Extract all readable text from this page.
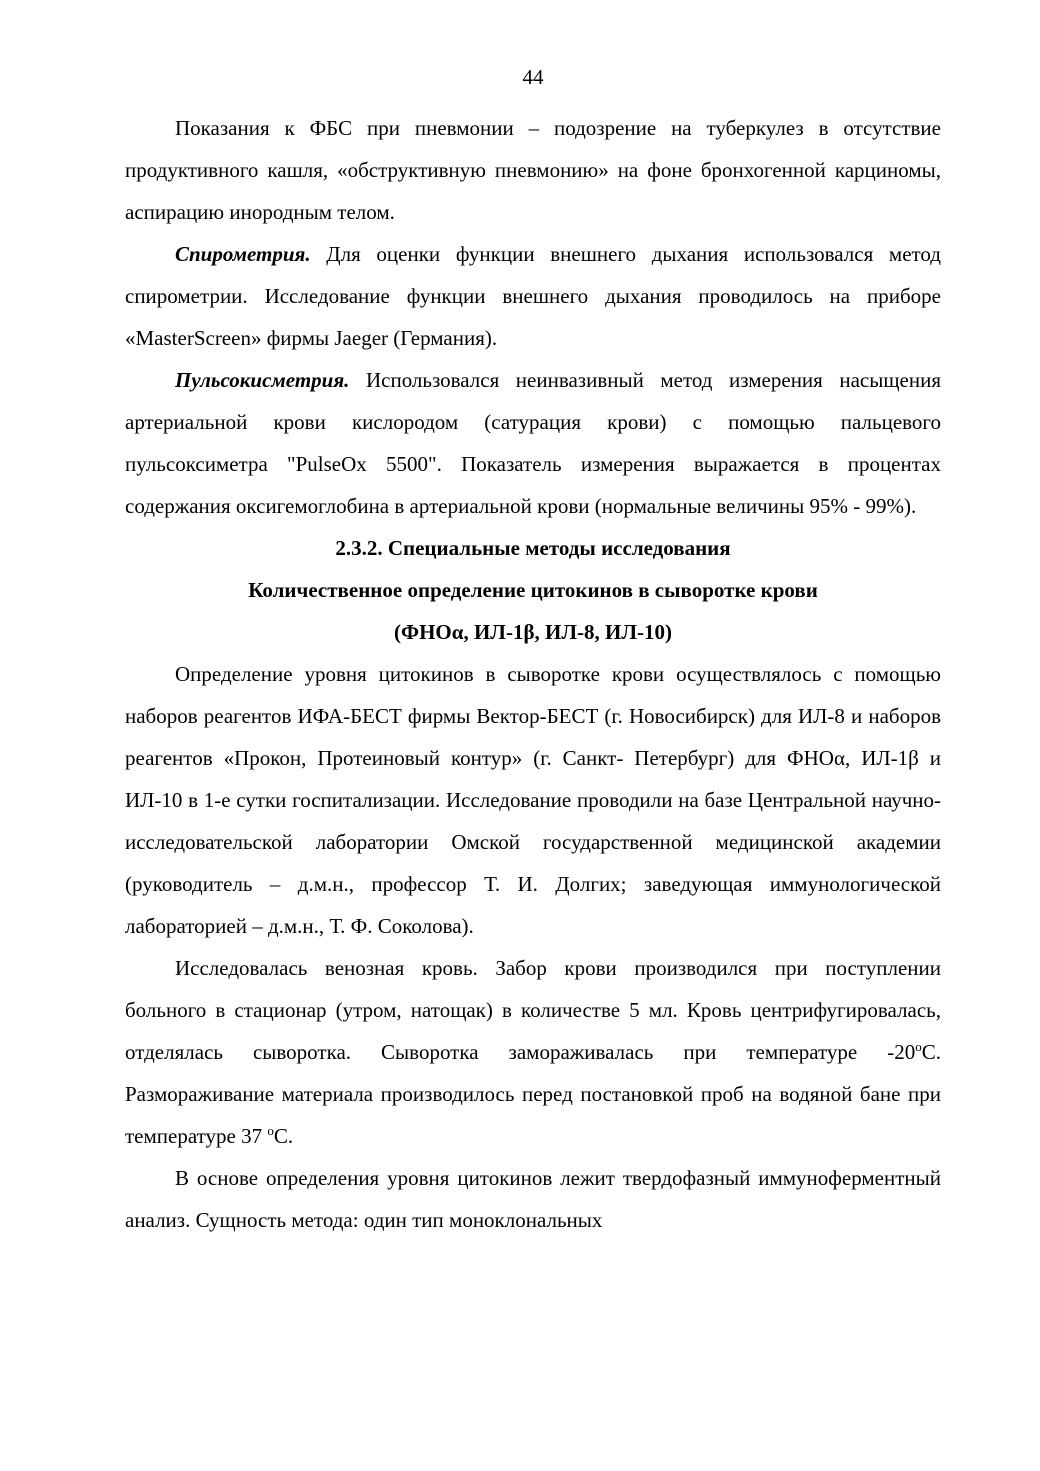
44

Показания к ФБС при пневмонии – подозрение на туберкулез в отсутствие продуктивного кашля, «обструктивную пневмонию» на фоне бронхогенной карциномы, аспирацию инородным телом.

Спирометрия. Для оценки функции внешнего дыхания использовался метод спирометрии. Исследование функции внешнего дыхания проводилось на приборе «MasterScreen» фирмы Jaeger (Германия).

Пульсокисметрия. Использовался неинвазивный метод измерения насыщения артериальной крови кислородом (сатурация крови) с помощью пальцевого пульсоксиметра "PulseOx 5500". Показатель измерения выражается в процентах содержания оксигемоглобина в артериальной крови (нормальные величины 95% - 99%).

2.3.2. Специальные методы исследования
Количественное определение цитокинов в сыворотке крови
(ФНОα, ИЛ-1β, ИЛ-8, ИЛ-10)

Определение уровня цитокинов в сыворотке крови осуществлялось с помощью наборов реагентов ИФА-БЕСТ фирмы Вектор-БЕСТ (г. Новосибирск) для ИЛ-8 и наборов реагентов «Прокон, Протеиновый контур» (г. Санкт- Петербург) для ФНОα, ИЛ-1β и ИЛ-10 в 1-е сутки госпитализации. Исследование проводили на базе Центральной научно-исследовательской лаборатории Омской государственной медицинской академии (руководитель – д.м.н., профессор Т. И. Долгих; заведующая иммунологической лабораторией – д.м.н., Т. Ф. Соколова).

Исследовалась венозная кровь. Забор крови производился при поступлении больного в стационар (утром, натощак) в количестве 5 мл. Кровь центрифугировалась, отделялась сыворотка. Сыворотка замораживалась при температуре $-20^оС$. Размораживание материала производилось перед постановкой проб на водяной бане при температуре 37 $^о$С.

В основе определения уровня цитокинов лежит твердофазный иммуноферментный анализ. Сущность метода: один тип моноклональных
